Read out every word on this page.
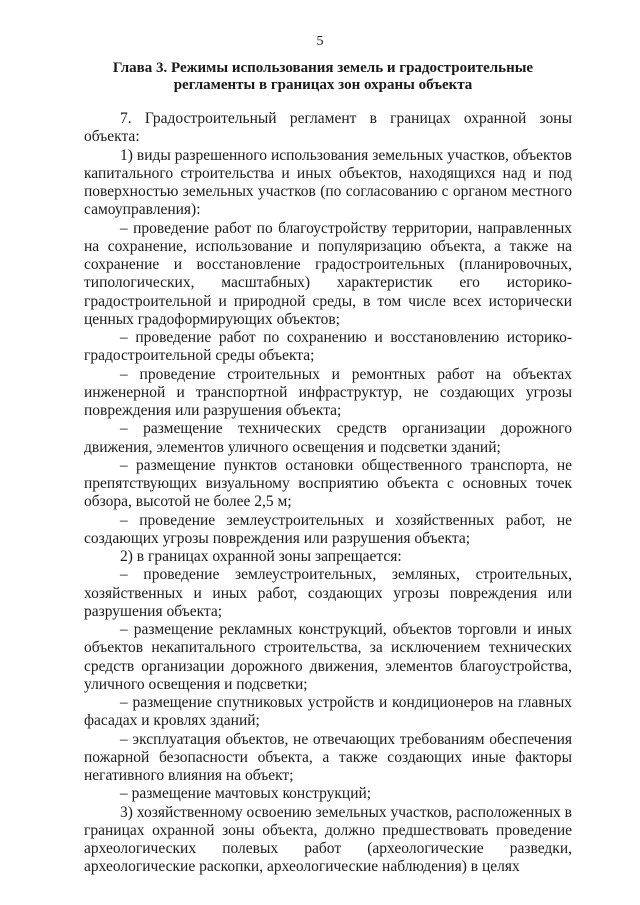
5
Глава 3. Режимы использования земель и градостроительные
регламенты в границах зон охраны объекта

7. Градостроительный регламент в границах охранной зоны объекта:

1) виды разрешенного использования земельных участков, объектов капитального строительства и иных объектов, находящихся над и под поверхностью земельных участков (по согласованию с органом местного самоуправления):

– проведение работ по благоустройству территории, направленных на сохранение, использование и популяризацию объекта, а также на сохранение и восстановление градостроительных (планировочных, типологических, масштабных) характеристик его историко-градостроительной и природной среды, в том числе всех исторически ценных градоформирующих объектов;

– проведение работ по сохранению и восстановлению историко-градостроительной среды объекта;

– проведение строительных и ремонтных работ на объектах инженерной и транспортной инфраструктур, не создающих угрозы повреждения или разрушения объекта;

– размещение технических средств организации дорожного движения, элементов уличного освещения и подсветки зданий;

– размещение пунктов остановки общественного транспорта, не препятствующих визуальному восприятию объекта с основных точек обзора, высотой не более 2,5 м;

– проведение землеустроительных и хозяйственных работ, не создающих угрозы повреждения или разрушения объекта;

2) в границах охранной зоны запрещается:

– проведение землеустроительных, земляных, строительных, хозяйственных и иных работ, создающих угрозы повреждения или разрушения объекта;

– размещение рекламных конструкций, объектов торговли и иных объектов некапитального строительства, за исключением технических средств организации дорожного движения, элементов благоустройства, уличного освещения и подсветки;

– размещение спутниковых устройств и кондиционеров на главных фасадах и кровлях зданий;

– эксплуатация объектов, не отвечающих требованиям обеспечения пожарной безопасности объекта, а также создающих иные факторы негативного влияния на объект;

– размещение мачтовых конструкций;

3) хозяйственному освоению земельных участков, расположенных в границах охранной зоны объекта, должно предшествовать проведение археологических полевых работ (археологические разведки, археологические раскопки, археологические наблюдения) в целях
